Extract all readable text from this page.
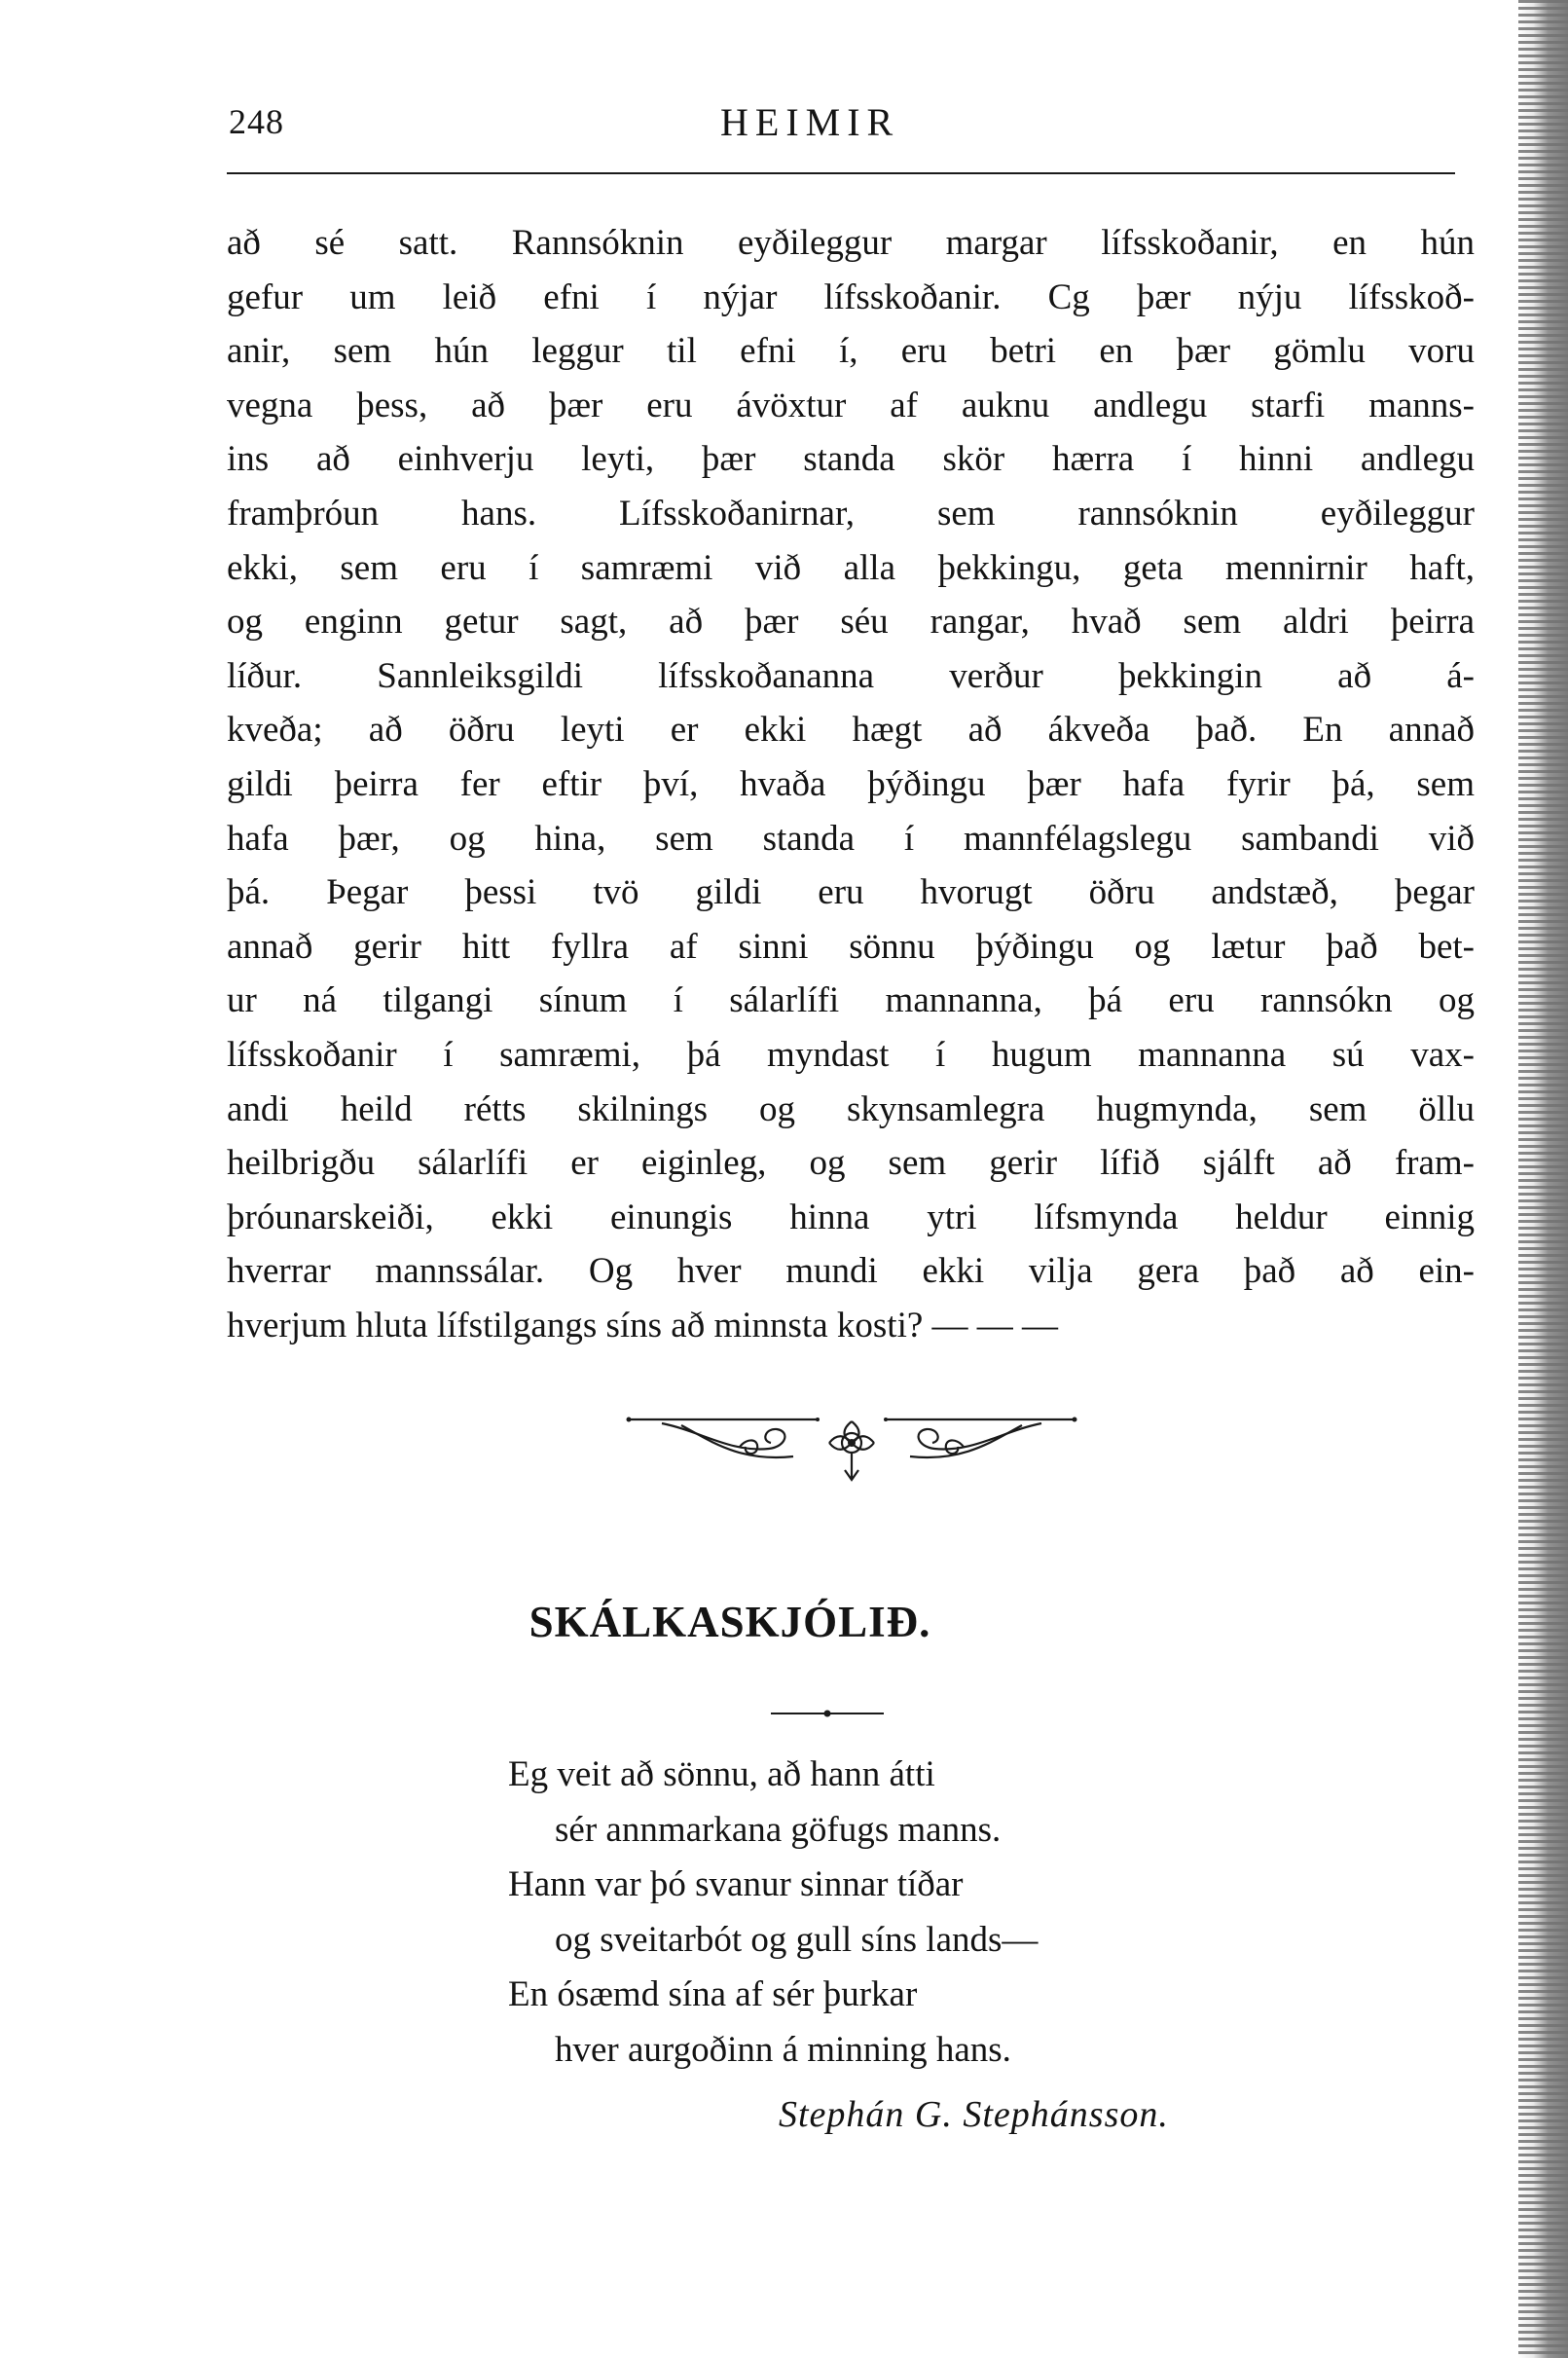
248	HEIMIR
að sé satt. Rannsóknin eyðileggur margar lífsskoðanir, en hún
gefur um leið efni í nýjar lífsskoðanir. Cg þær nýju lífsskoð-
anir, sem hún leggur til efni í, eru betri en þær gömlu voru
vegna þess, að þær eru ávöxtur af auknu andlegu starfi manns-
ins að einhverju leyti, þær standa skör hærra í hinni andlegu
framþróun hans. Lífsskoðanirnar, sem rannsóknin eyðileggur
ekki, sem eru í samræmi við alla þekkingu, geta mennirnir haft,
og enginn getur sagt, að þær séu rangar, hvað sem aldri þeirra
líður. Sannleiksgildi lífsskoðananna verður þekkingin að á-
kveða; að öðru leyti er ekki hægt að ákveða það. En annað
gildi þeirra fer eftir því, hvaða þýðingu þær hafa fyrir þá, sem
hafa þær, og hina, sem standa í mannfélagslegu sambandi við
þá. Þegar þessi tvö gildi eru hvorugt öðru andstæð, þegar
annað gerir hitt fyllra af sinni sönnu þýðingu og lætur það bet-
ur ná tilgangi sínum í sálarlífi mannanna, þá eru rannsókn og
lífsskoðanir í samræmi, þá myndast í hugum mannanna sú vax-
andi heild rétts skilnings og skynsamlegra hugmynda, sem öllu
heilbrigðu sálarlífi er eiginleg, og sem gerir lífið sjálft að fram-
þróunarskeiði, ekki einungis hinna ytri lífsmynda heldur einnig
hverrar mannssálar. Og hver mundi ekki vilja gera það að ein-
hverjum hluta lífstilgangs síns að minnsta kosti? — — —
SKÁLKASKJÓLIÐ.
Eg veit að sönnu, að hann átti
sér annmarkana göfugs manns.
Hann var þó svanur sinnar tíðar
og sveitarbót og gull síns lands—
En ósæmd sína af sér þurkar
hver aurgoðinn á minning hans.
Stephán G. Stephánsson.
